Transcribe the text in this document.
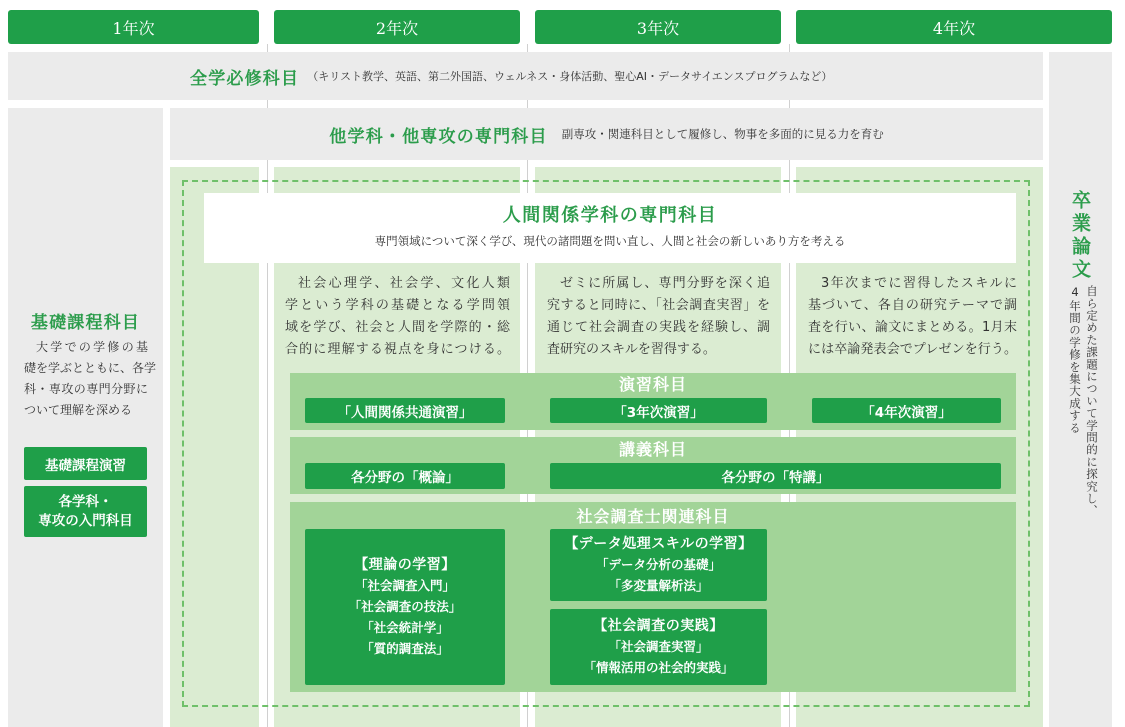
1年次	2年次	3年次	4年次
全学必修科目 （キリスト教学、英語、第二外国語、ウェルネス・身体活動、聖心AI・データサイエンスプログラムなど）
卒業論文
自ら定めた課題について学問的に探究し、
4年間の学修を集大成する
基礎課程科目
大学での学修の基
礎を学ぶとともに、各学
科・専攻の専門分野に
ついて理解を深める
基礎課程演習
各学科・
専攻の入門科目
他学科・他専攻の専門科目 副専攻・関連科目として履修し、物事を多面的に見る力を育む
人間関係学科の専門科目
専門領域について深く学び、現代の諸問題を問い直し、人間と社会の新しいあり方を考える
社会心理学、社会学、文化人類
学という学科の基礎となる学問領
域を学び、社会と人間を学際的・総
合的に理解する視点を身につける。
ゼミに所属し、専門分野を深く追
究すると同時に、「社会調査実習」を
通じて社会調査の実践を経験し、調
査研究のスキルを習得する。
3年次までに習得したスキルに
基づいて、各自の研究テーマで調
査を行い、論文にまとめる。1月末
には卒論発表会でプレゼンを行う。
演習科目
「人間関係共通演習」	「3年次演習」	「4年次演習」
講義科目
各分野の「概論」	各分野の「特講」
社会調査士関連科目
【理論の学習】
「社会調査入門」
「社会調査の技法」
「社会統計学」
「質的調査法」
【データ処理スキルの学習】
「データ分析の基礎」
「多変量解析法」
【社会調査の実践】
「社会調査実習」
「情報活用の社会的実践」
